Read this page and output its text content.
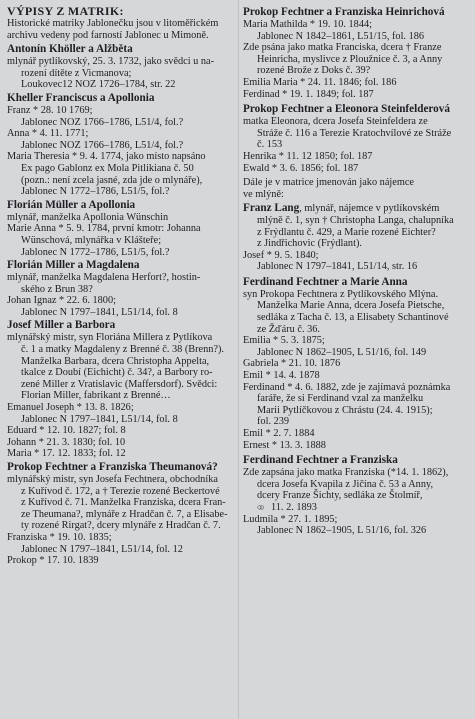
VÝPISY Z MATRIK:
Historické matriky Jablonečku jsou v litoměřickém archivu vedeny pod farností Jablonec u Mimoně.
Antonín Khöller a Alžběta
mlynář pytlíkovský, 25. 3. 1732, jako svědci u na-
rození dítěte z Vicmanova;
Loukovec12 NOZ 1726–1784, str. 22
Kheller Franciscus a Apollonia
Franz * 28. 10 1769;
Jablonec NOZ 1766–1786, L51/4, fol.?
Anna * 4. 11. 1771;
Jablonec NOZ 1766–1786, L51/4, fol.?
Maria Theresia * 9. 4. 1774, jako místo napsáno
Ex pago Gablonz ex Mola Pitlikiana č. 50
(pozn.: není zcela jasné, zda jde o mlynáře),
Jablonec N 1772–1786, L51/5, fol.?
Florián Müller a Apollonia
mlynář, manželka Apollonia Wünschin
Marie Anna * 5. 9. 1784, první kmotr: Johanna
Wünschová, mlynářka v Klášteře;
Jablonec N 1772–1786, L51/5, fol.?
Florián Miller a Magdalena
mlynář, manželka Magdalena Herfort?, hostin-
ského z Brun 38?
Johan Ignaz * 22. 6. 1800;
Jablonec N 1797–1841, L51/14, fol. 8
Josef Miller a Barbora
mlynářský mistr, syn Floriána Millera z Pytlíkova
č. 1 a matky Magdaleny z Brenné č. 38 (Brenn?).
Manželka Barbara, dcera Christopha Appelta,
tkalce z Doubí (Eichicht) č. 34?, a Barbory ro-
zené Miller z Vratislavic (Maffersdorf). Svědci:
Florian Miller, fabrikant z Brenné…
Emanuel Joseph * 13. 8. 1826;
Jablonec N 1797–1841, L51/14, fol. 8
Eduard * 12. 10. 1827; fol. 8
Johann * 21. 3. 1830; fol. 10
Maria * 17. 12. 1833; fol. 12
Prokop Fechtner a Franziska Theumanová?
mlynářský mistr, syn Josefa Fechtnera, obchodníka
z Kuřívod č. 172, a † Terezie rozené Beckertové
z Kuřívod č. 71. Manželka Franziska, dcera Fran-
ze Theumana?, mlynáře z Hradčan č. 7, a Elisabe-
ty rozené Rirgat?, dcery mlynáře z Hradčan č. 7.
Franziska * 19. 10. 1835;
Jablonec N 1797–1841, L51/14, fol. 12
Prokop * 17. 10. 1839
Prokop Fechtner a Franziska Heinrichová
Maria Mathilda * 19. 10. 1844;
Jablonec N 1842–1861, L51/15, fol. 186
Zde psána jako matka Franciska, dcera † Franze
Heinricha, myslivce z Ploužnice č. 3, a Anny
rozené Brože z Doks č. 39?
Emilia Maria * 24. 11. 1846; fol. 186
Ferdinad * 19. 1. 1849; fol. 187
Prokop Fechtner a Eleonora Steinfelderová
matka Eleonora, dcera Josefa Steinfeldera ze
Stráže č. 116 a Terezie Kratochvílové ze Stráže
č. 153
Henrika * 11. 12 1850; fol. 187
Ewald * 3. 6. 1856; fol. 187
Dále je v matrice jmenován jako nájemce
ve mlýně:
Franz Lang, mlynář, nájemce v pytlíkovském
mlýně č. 1, syn † Christopha Langa, chalupníka
z Frýdlantu č. 429, a Marie rozené Eichter?
z Jindřichovic (Frýdlant).
Josef * 9. 5. 1840;
Jablonec N 1797–1841, L51/14, str. 16
Ferdinand Fechtner a Marie Anna
syn Prokopa Fechtnera z Pytlíkovského Mlýna.
Manželka Marie Anna, dcera Josefa Pietsche,
sedláka z Tacha č. 13, a Elisabety Schantinové
ze Žďáru č. 36.
Emilia * 5. 3. 1875;
Jablonec N 1862–1905, L 51/16, fol. 149
Gabriela * 21. 10. 1876
Emil * 14. 4. 1878
Ferdinand * 4. 6. 1882, zde je zajímavá poznámka
faráře, že si Ferdinand vzal za manželku
Marii Pytlíčkovou z Chrástu (24. 4. 1915);
fol. 239
Emil * 2. 7. 1884
Ernest * 13. 3. 1888
Ferdinand Fechtner a Franziska
Zde zapsána jako matka Franziska (*14. 1. 1862),
dcera Josefa Kvapila z Jičína č. 53 a Anny,
dcery Franze Šichty, sedláka ze Štolmíř,
○○ 11. 2. 1893
Ludmila * 27. 1. 1895;
Jablonec N 1862–1905, L 51/16, fol. 326
